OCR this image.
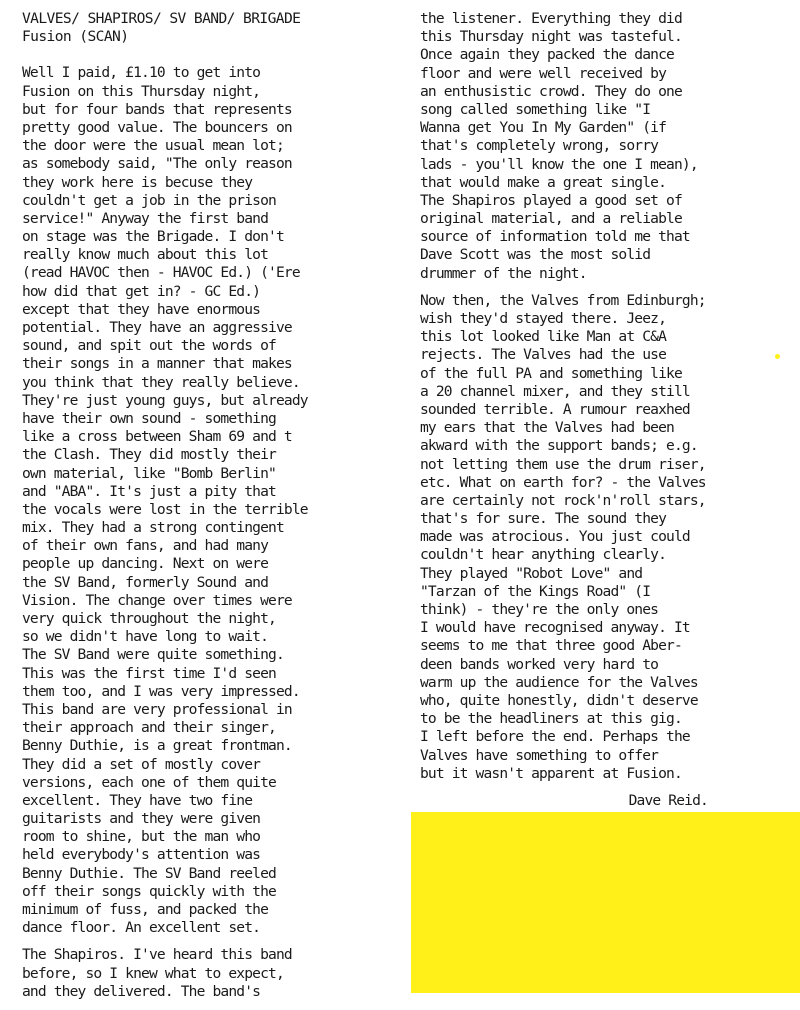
VALVES/ SHAPIROS/ SV BAND/ BRIGADE
Fusion (SCAN)
Well I paid, £1.10 to get into
Fusion on this Thursday night,
but for four bands that represents
pretty good value. The bouncers on
the door were the usual mean lot;
as somebody said, "The only reason
they work here is becuse they
couldn't get a job in the prison
service!" Anyway the first band
on stage was the Brigade. I don't
really know much about this lot
(read HAVOC then - HAVOC Ed.) ('Ere
how did that get in? - GC Ed.)
except that they have enormous
potential. They have an aggressive
sound, and spit out the words of
their songs in a manner that makes
you think that they really believe.
They're just young guys, but already
have their own sound - something
like a cross between Sham 69 and t
the Clash. They did mostly their
own material, like "Bomb Berlin"
and "ABA". It's just a pity that
the vocals were lost in the terrible
mix. They had a strong contingent
of their own fans, and had many
people up dancing. Next on were
the SV Band, formerly Sound and
Vision. The change over times were
very quick throughout the night,
so we didn't have long to wait.
The SV Band were quite something.
This was the first time I'd seen
them too, and I was very impressed.
This band are very professional in
their approach and their singer,
Benny Duthie, is a great frontman.
They did a set of mostly cover
versions, each one of them quite
excellent. They have two fine
guitarists and they were given
room to shine, but the man who
held everybody's attention was
Benny Duthie. The SV Band reeled
off their songs quickly with the
minimum of fuss, and packed the
dance floor. An excellent set.
The Shapiros. I've heard this band
before, so I knew what to expect,
and they delivered. The band's
the listener. Everything they did
this Thursday night was tasteful.
Once again they packed the dance
floor and were well received by
an enthusistic crowd. They do one
song called something like "I
Wanna get You In My Garden" (if
that's completely wrong, sorry
lads - you'll know the one I mean),
that would make a great single.
The Shapiros played a good set of
original material, and a reliable
source of information told me that
Dave Scott was the most solid
drummer of the night.
Now then, the Valves from Edinburgh;
wish they'd stayed there. Jeez,
this lot looked like Man at C&A
rejects. The Valves had the use
of the full PA and something like
a 20 channel mixer, and they still
sounded terrible. A rumour reaxhed
my ears that the Valves had been
akward with the support bands; e.g.
not letting them use the drum riser,
etc. What on earth for? - the Valves
are certainly not rock'n'roll stars,
that's for sure. The sound they
made was atrocious. You just could
couldn't hear anything clearly.
They played "Robot Love" and
"Tarzan of the Kings Road" (I
think) - they're the only ones
I would have recognised anyway. It
seems to me that three good Aber-
deen bands worked very hard to
warm up the audience for the Valves
who, quite honestly, didn't deserve
to be the headliners at this gig.
I left before the end. Perhaps the
Valves have something to offer
but it wasn't apparent at Fusion.
Dave Reid.
